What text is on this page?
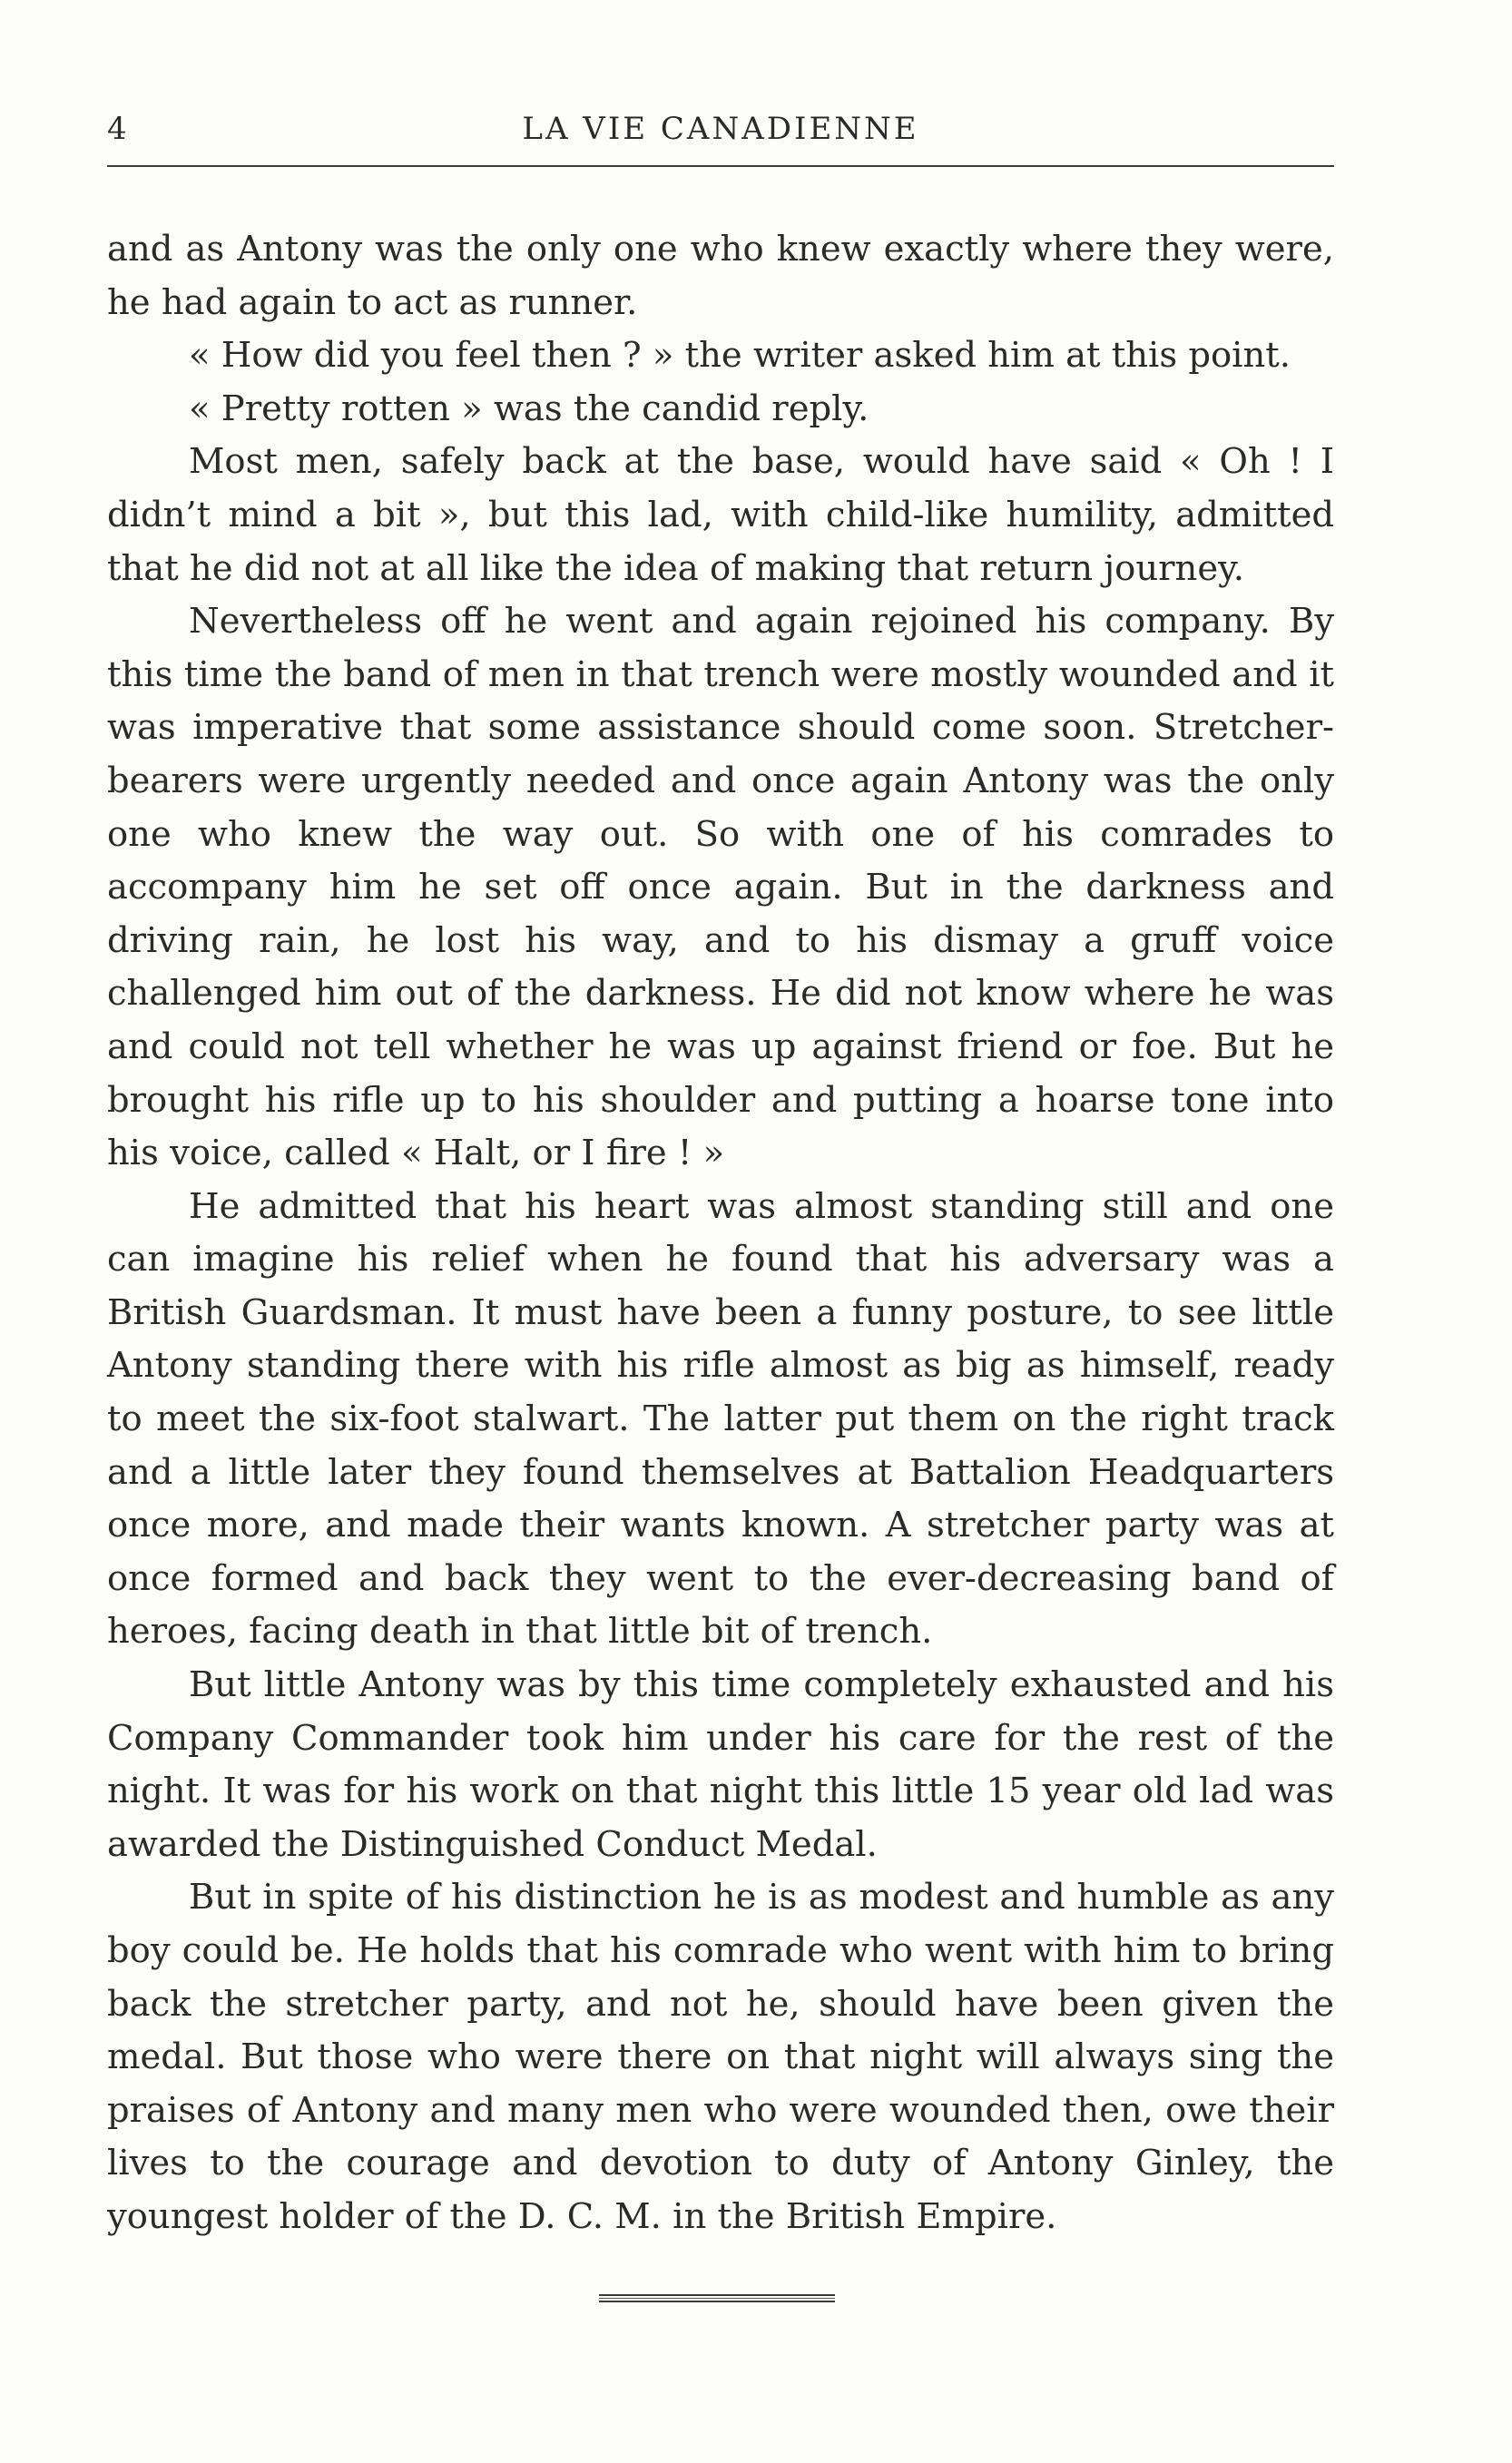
4	LA VIE CANADIENNE

and as Antony was the only one who knew exactly where they were, he had again to act as runner.

« How did you feel then ? » the writer asked him at this point.

« Pretty rotten » was the candid reply.

Most men, safely back at the base, would have said « Oh ! I didn’t mind a bit », but this lad, with child-like humility, admitted that he did not at all like the idea of making that return journey.

Nevertheless off he went and again rejoined his company. By this time the band of men in that trench were mostly wounded and it was imperative that some assistance should come soon. Stretcher-bearers were urgently needed and once again Antony was the only one who knew the way out. So with one of his comrades to accompany him he set off once again. But in the darkness and driving rain, he lost his way, and to his dismay a gruff voice challenged him out of the darkness. He did not know where he was and could not tell whether he was up against friend or foe. But he brought his rifle up to his shoulder and putting a hoarse tone into his voice, called « Halt, or I fire ! »

He admitted that his heart was almost standing still and one can imagine his relief when he found that his adversary was a British Guardsman. It must have been a funny posture, to see little Antony standing there with his rifle almost as big as himself, ready to meet the six-foot stalwart. The latter put them on the right track and a little later they found themselves at Battalion Headquarters once more, and made their wants known. A stretcher party was at once formed and back they went to the ever-decreasing band of heroes, facing death in that little bit of trench.

But little Antony was by this time completely exhausted and his Company Commander took him under his care for the rest of the night. It was for his work on that night this little 15 year old lad was awarded the Distinguished Conduct Medal.

But in spite of his distinction he is as modest and humble as any boy could be. He holds that his comrade who went with him to bring back the stretcher party, and not he, should have been given the medal. But those who were there on that night will always sing the praises of Antony and many men who were wounded then, owe their lives to the courage and devotion to duty of Antony Ginley, the youngest holder of the D. C. M. in the British Empire.
